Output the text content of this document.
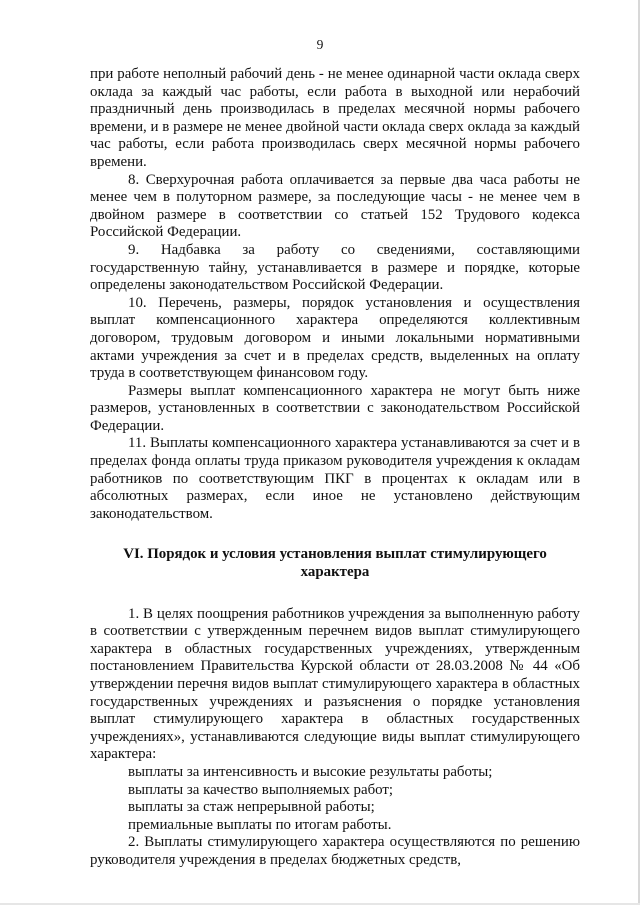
9

при работе неполный рабочий день - не менее одинарной части оклада сверх оклада за каждый час работы, если работа в выходной или нерабочий праздничный день производилась в пределах месячной нормы рабочего времени, и в размере не менее двойной части оклада сверх оклада за каждый час работы, если работа производилась сверх месячной нормы рабочего времени.

8. Сверхурочная работа оплачивается за первые два часа работы не менее чем в полуторном размере, за последующие часы - не менее чем в двойном размере в соответствии со статьей 152 Трудового кодекса Российской Федерации.

9. Надбавка за работу со сведениями, составляющими государственную тайну, устанавливается в размере и порядке, которые определены законодательством Российской Федерации.

10. Перечень, размеры, порядок установления и осуществления выплат компенсационного характера определяются коллективным договором, трудовым договором и иными локальными нормативными актами учреждения за счет и в пределах средств, выделенных на оплату труда в соответствующем финансовом году.

Размеры выплат компенсационного характера не могут быть ниже размеров, установленных в соответствии с законодательством Российской Федерации.

11. Выплаты компенсационного характера устанавливаются за счет и в пределах фонда оплаты труда приказом руководителя учреждения к окладам работников по соответствующим ПКГ в процентах к окладам или в абсолютных размерах, если иное не установлено действующим законодательством.

VI. Порядок и условия установления выплат стимулирующего характера

1. В целях поощрения работников учреждения за выполненную работу в соответствии с утвержденным перечнем видов выплат стимулирующего характера в областных государственных учреждениях, утвержденным постановлением Правительства Курской области от 28.03.2008 № 44 «Об утверждении перечня видов выплат стимулирующего характера в областных государственных учреждениях и разъяснения о порядке установления выплат стимулирующего характера в областных государственных учреждениях», устанавливаются следующие виды выплат стимулирующего характера:

выплаты за интенсивность и высокие результаты работы;

выплаты за качество выполняемых работ;

выплаты за стаж непрерывной работы;

премиальные выплаты по итогам работы.

2. Выплаты стимулирующего характера осуществляются по решению руководителя учреждения в пределах бюджетных средств,
